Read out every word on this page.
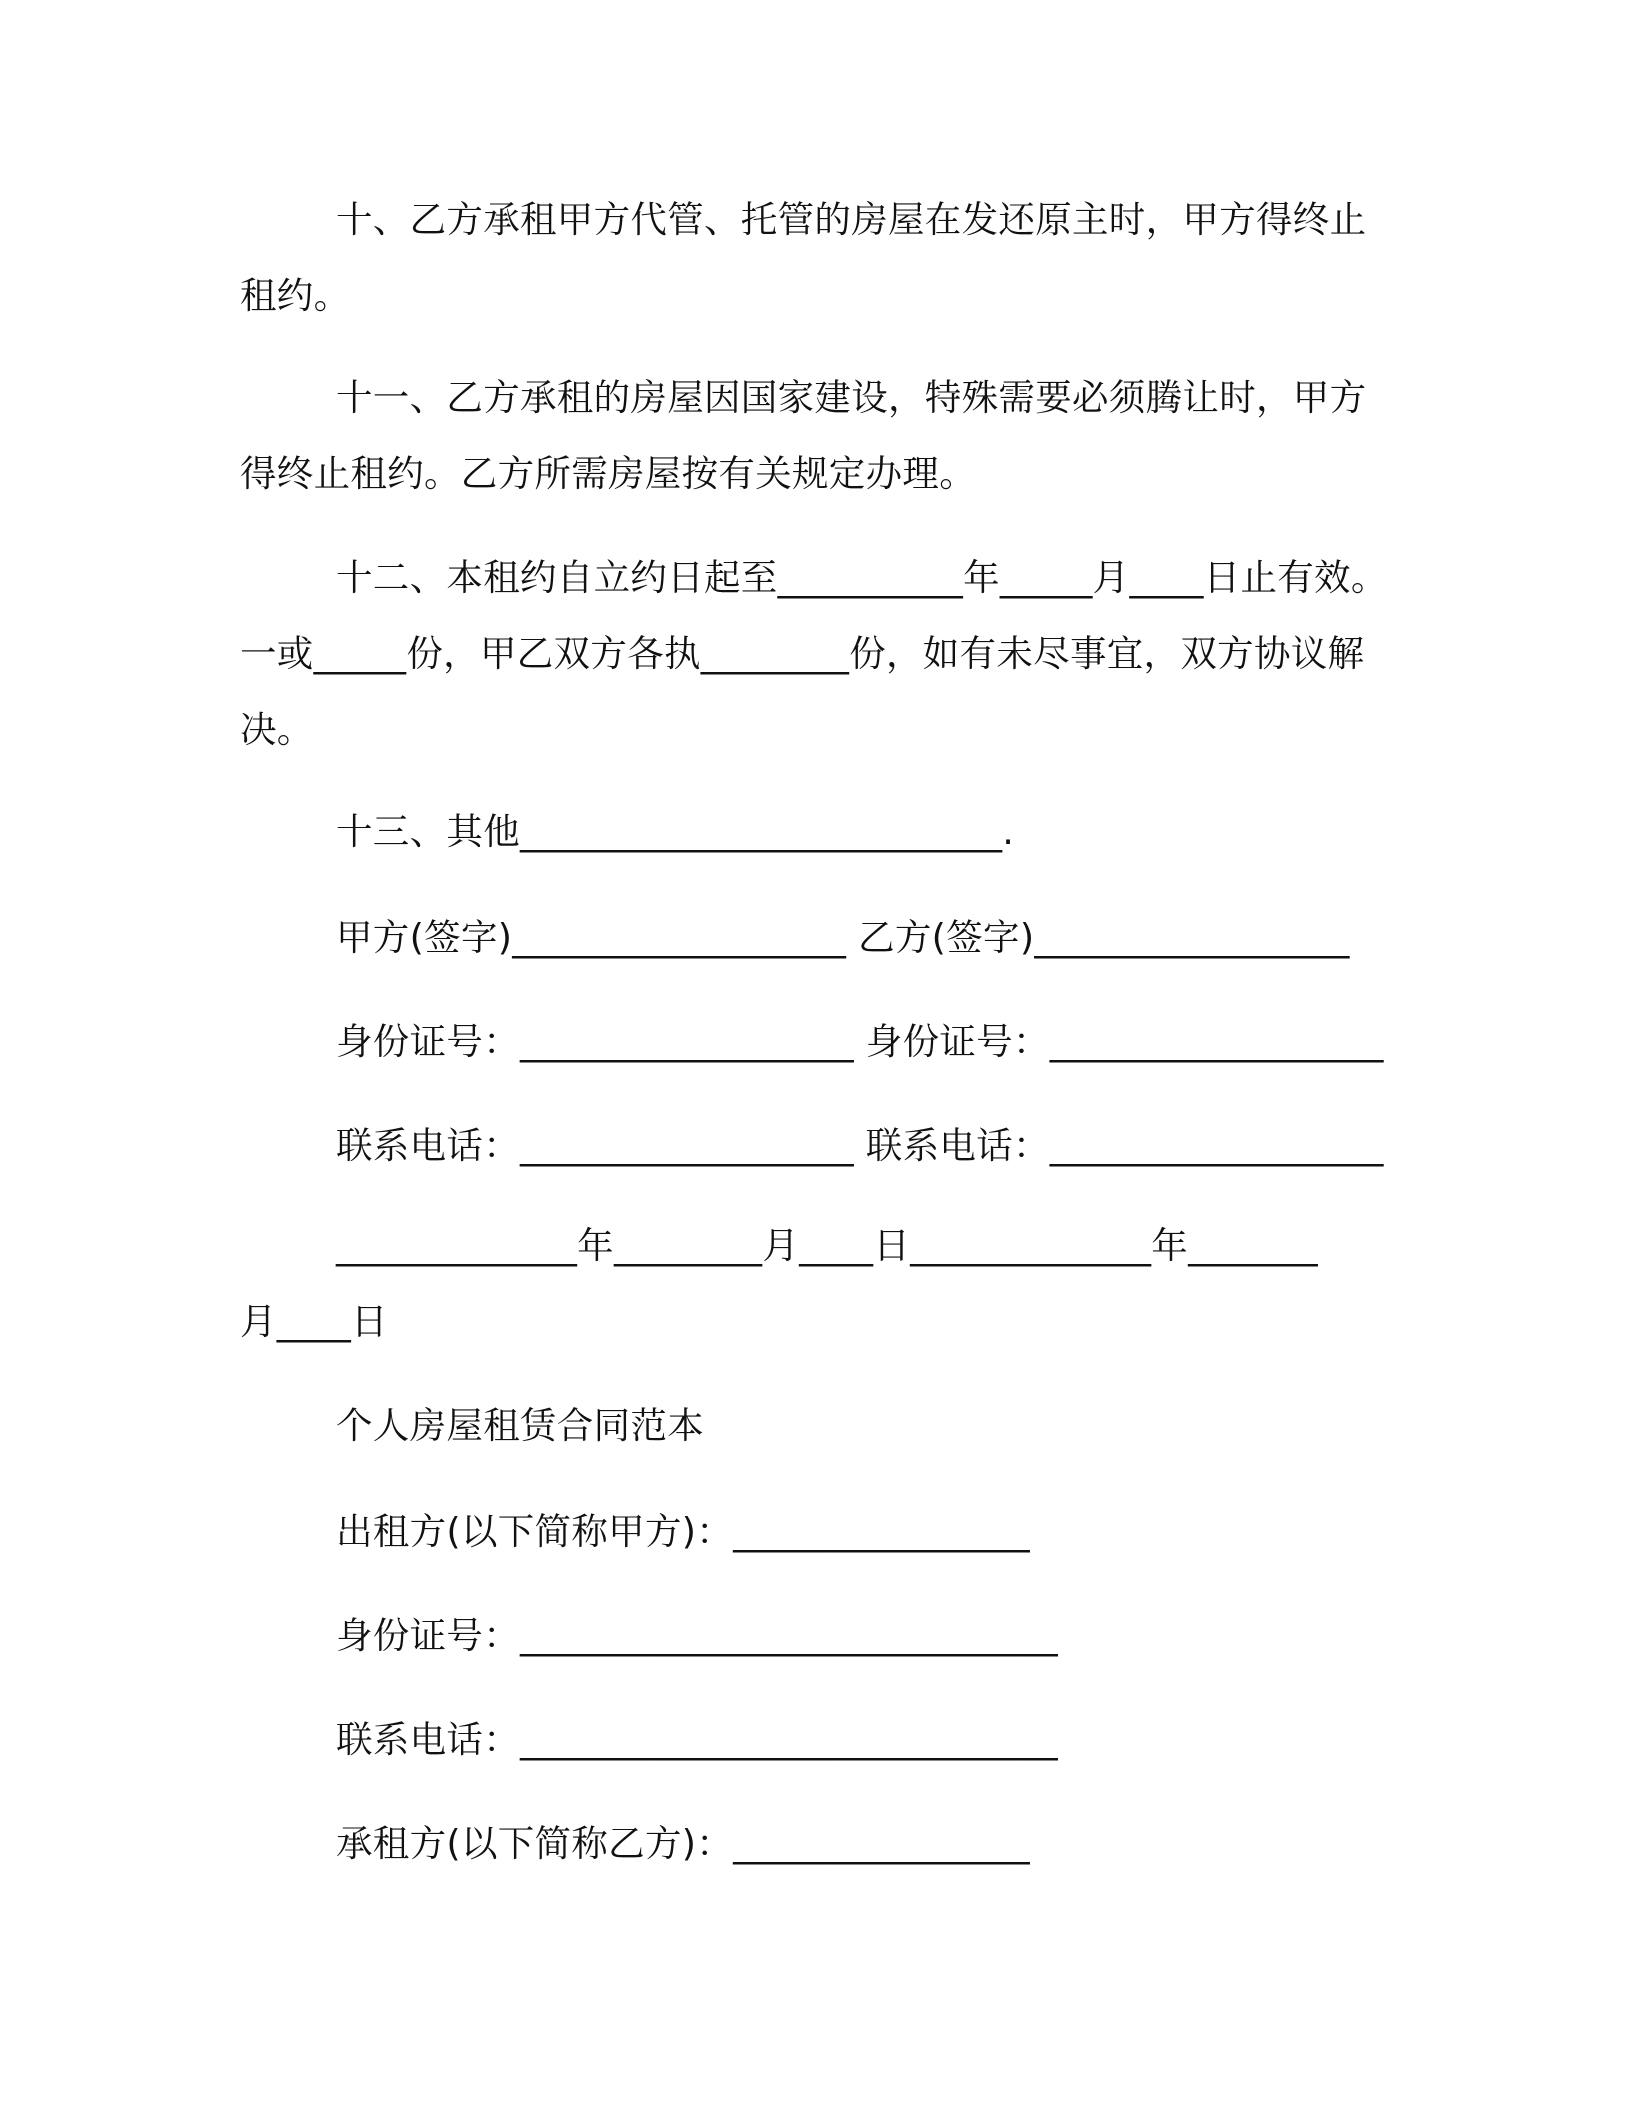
十、乙方承租甲方代管、托管的房屋在发还原主时，甲方得终止
租约。
十一、乙方承租的房屋因国家建设，特殊需要必须腾让时，甲方
得终止租约。乙方所需房屋按有关规定办理。
十二、本租约自立约日起至__________年_____月____日止有效。
一或_____份，甲乙双方各执________份，如有未尽事宜，双方协议解
决。
十三、其他__________________________.
甲方(签字)__________________ 乙方(签字)_________________
身份证号：__________________ 身份证号：__________________
联系电话：__________________ 联系电话：__________________
_____________年________月____日_____________年_______
月____日
个人房屋租赁合同范本
出租方(以下简称甲方)：________________
身份证号：_____________________________
联系电话：_____________________________
承租方(以下简称乙方)：________________
